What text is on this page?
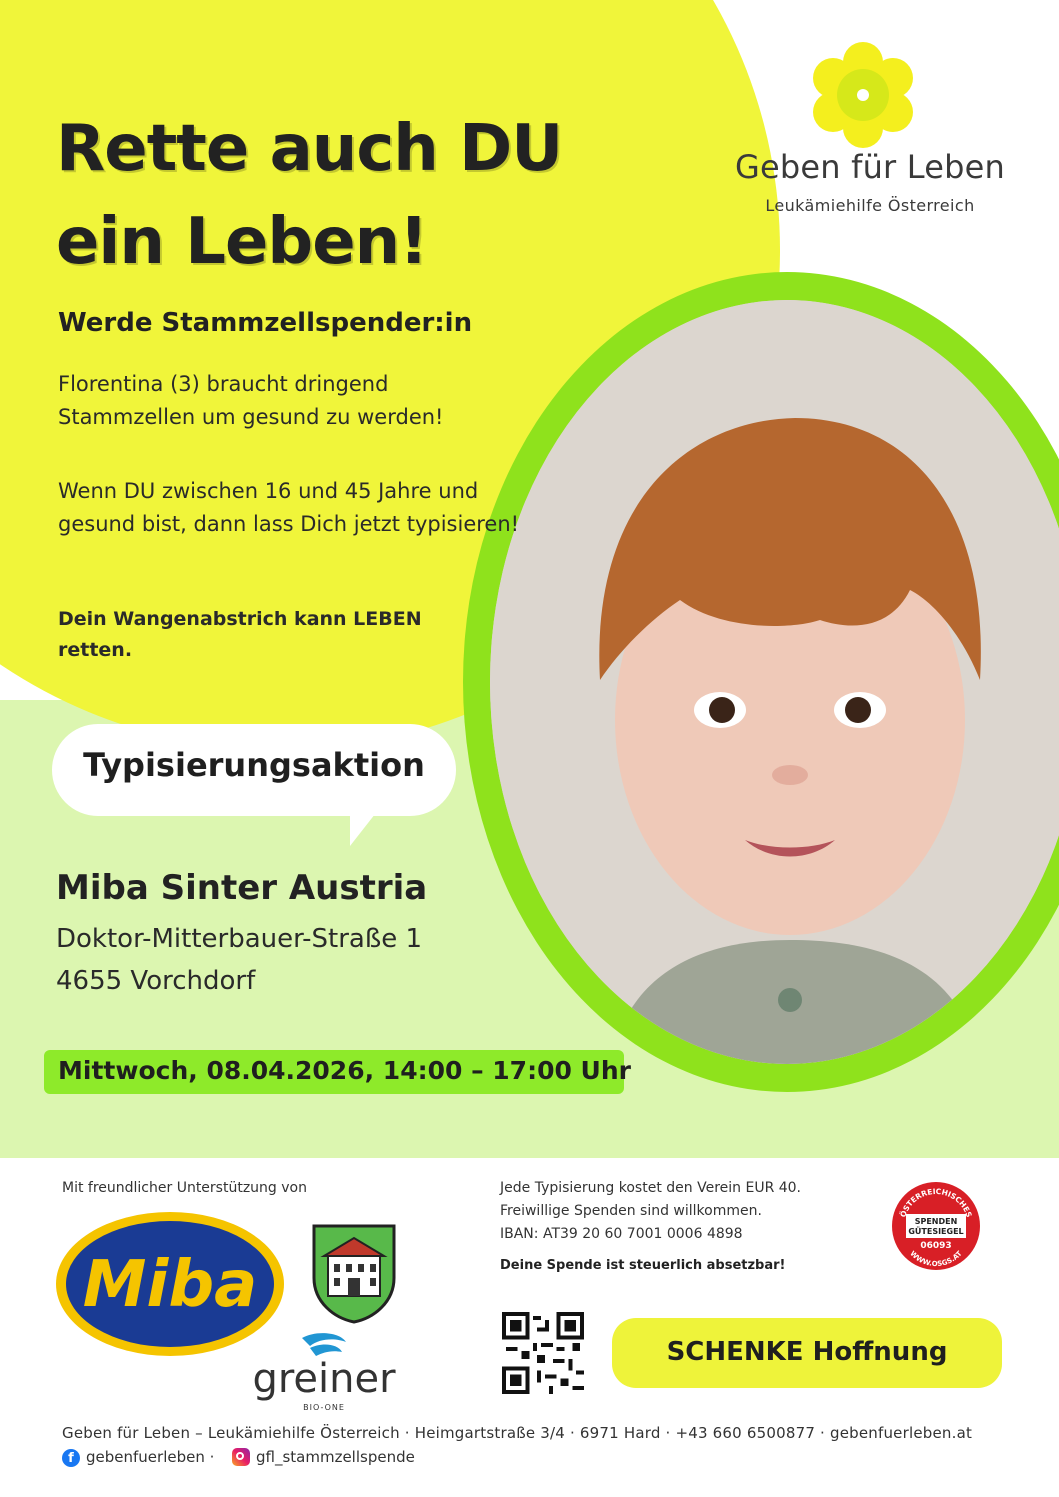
Geben für Leben
Leukämiehilfe Österreich
Rette auch DU
ein Leben!
Werde Stammzellspender:in
Florentina (3) braucht dringend Stammzellen um gesund zu werden!
Wenn DU zwischen 16 und 45 Jahre und gesund bist, dann lass Dich jetzt typisieren!
Dein Wangenabstrich kann LEBEN retten.
Typisierungsaktion
Miba Sinter Austria
Doktor-Mitterbauer-Straße 1
4655 Vorchdorf
Mittwoch, 08.04.2026, 14:00 – 17:00 Uhr
Mit freundlicher Unterstützung von
Miba
greiner
BIO-ONE
Jede Typisierung kostet den Verein EUR 40.
Freiwillige Spenden sind willkommen.
IBAN: AT39 20 60 7001 0006 4898
Deine Spende ist steuerlich absetzbar!
ÖSTERREICHISCHES
SPENDEN
GÜTESIEGEL
06093
WWW.OSGS.AT
SCHENKE Hoffnung
Geben für Leben – Leukämiehilfe Österreich · Heimgartstraße 3/4 · 6971 Hard · +43 660 6500877 · gebenfuerleben.at
f gebenfuerleben ·	gfl_stammzellspende
